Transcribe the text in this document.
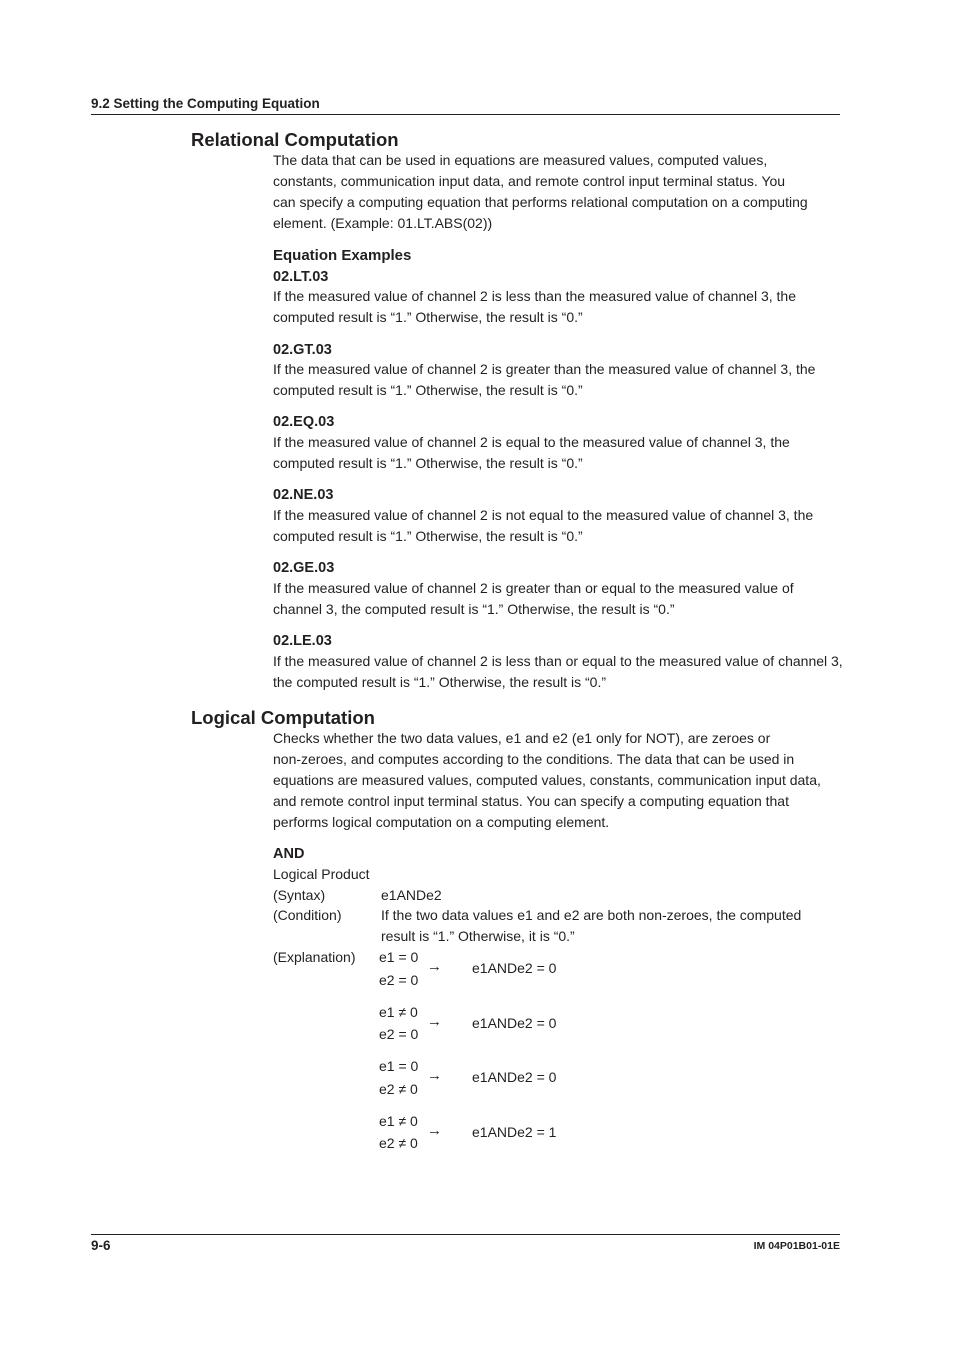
9.2 Setting the Computing Equation
Relational Computation
The data that can be used in equations are measured values, computed values,
constants, communication input data, and remote control input terminal status. You
can specify a computing equation that performs relational computation on a computing
element. (Example: 01.LT.ABS(02))
Equation Examples
02.LT.03
If the measured value of channel 2 is less than the measured value of channel 3, the
computed result is “1.” Otherwise, the result is “0.”
02.GT.03
If the measured value of channel 2 is greater than the measured value of channel 3, the
computed result is “1.” Otherwise, the result is “0.”
02.EQ.03
If the measured value of channel 2 is equal to the measured value of channel 3, the
computed result is “1.” Otherwise, the result is “0.”
02.NE.03
If the measured value of channel 2 is not equal to the measured value of channel 3, the
computed result is “1.” Otherwise, the result is “0.”
02.GE.03
If the measured value of channel 2 is greater than or equal to the measured value of
channel 3, the computed result is “1.” Otherwise, the result is “0.”
02.LE.03
If the measured value of channel 2 is less than or equal to the measured value of channel 3,
the computed result is “1.” Otherwise, the result is “0.”
Logical Computation
Checks whether the two data values, e1 and e2 (e1 only for NOT), are zeroes or
non-zeroes, and computes according to the conditions. The data that can be used in
equations are measured values, computed values, constants, communication input data,
and remote control input terminal status. You can specify a computing equation that
performs logical computation on a computing element.
AND
Logical Product
(Syntax)	e1ANDe2
(Condition)	If the two data values e1 and e2 are both non-zeroes, the computed
result is “1.” Otherwise, it is “0.”
(Explanation) e1 = 0
e2 = 0
→ e1ANDe2 = 0
e1 ≠ 0
e2 = 0
→ e1ANDe2 = 0
e1 = 0
e2 ≠ 0
→ e1ANDe2 = 0
e1 ≠ 0
e2 ≠ 0
→ e1ANDe2 = 1
9-6	IM 04P01B01-01E
